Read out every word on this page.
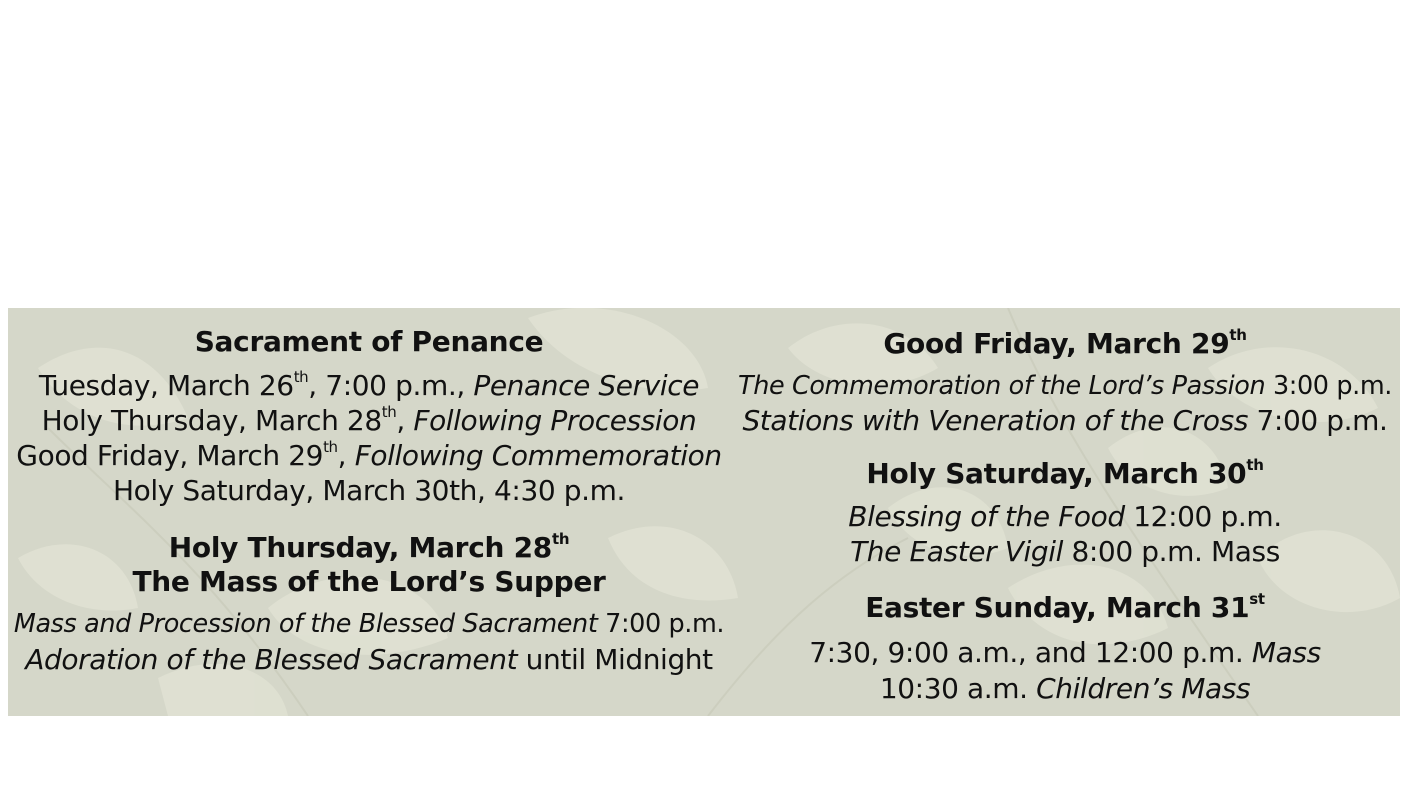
Sacrament of Penance
Tuesday, March 26th, 7:00 p.m., Penance Service
Holy Thursday, March 28th, Following Procession
Good Friday, March 29th, Following Commemoration
Holy Saturday, March 30th, 4:30 p.m.
Holy Thursday, March 28th
The Mass of the Lord’s Supper
Mass and Procession of the Blessed Sacrament 7:00 p.m.
Adoration of the Blessed Sacrament until Midnight
Good Friday, March 29th
The Commemoration of the Lord’s Passion 3:00 p.m.
Stations with Veneration of the Cross 7:00 p.m.
Holy Saturday, March 30th
Blessing of the Food 12:00 p.m.
The Easter Vigil 8:00 p.m. Mass
Easter Sunday, March 31st
7:30, 9:00 a.m., and 12:00 p.m. Mass
10:30 a.m. Children’s Mass
